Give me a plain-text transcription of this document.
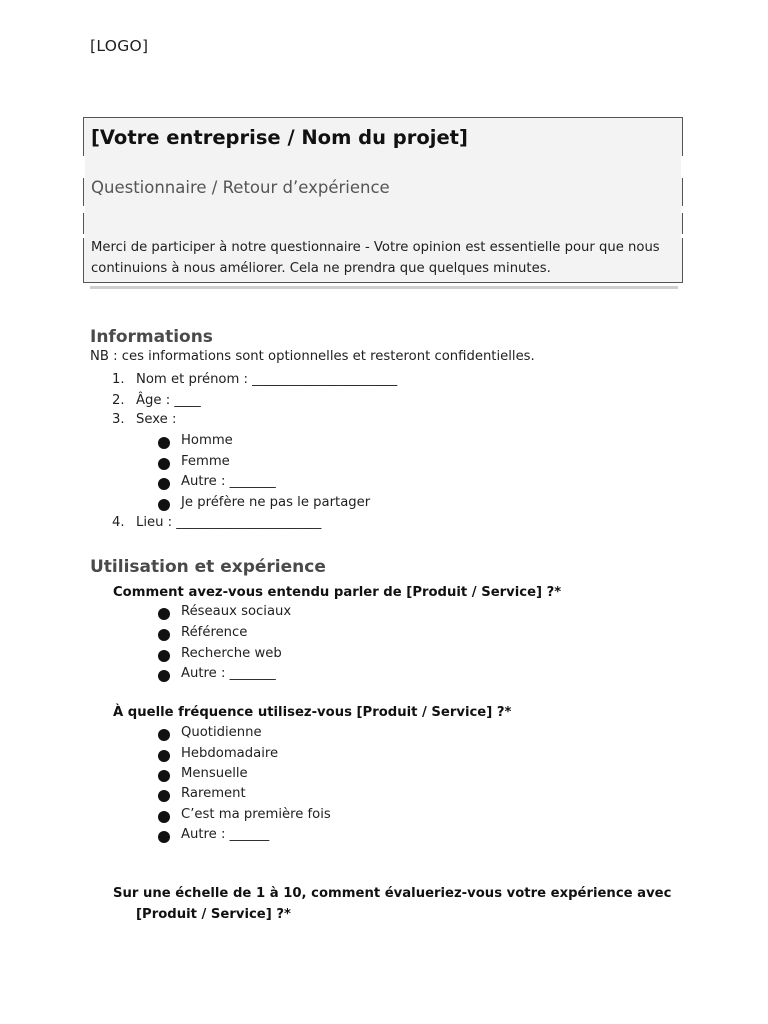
[LOGO]
[Votre entreprise / Nom du projet]
Questionnaire / Retour d’expérience
Merci de participer à notre questionnaire - Votre opinion est essentielle pour que nous
continuions à nous améliorer. Cela ne prendra que quelques minutes.
Informations
NB : ces informations sont optionnelles et resteront confidentielles.
1. Nom et prénom : ______________________
2. Âge : ____
3. Sexe :
Homme
Femme
Autre : _______
Je préfère ne pas le partager
4. Lieu : ______________________
Utilisation et expérience
Comment avez-vous entendu parler de [Produit / Service] ?*
Réseaux sociaux
Référence
Recherche web
Autre : _______
À quelle fréquence utilisez-vous [Produit / Service] ?*
Quotidienne
Hebdomadaire
Mensuelle
Rarement
C’est ma première fois
Autre : ______
Sur une échelle de 1 à 10, comment évalueriez-vous votre expérience avec
[Produit / Service] ?*
